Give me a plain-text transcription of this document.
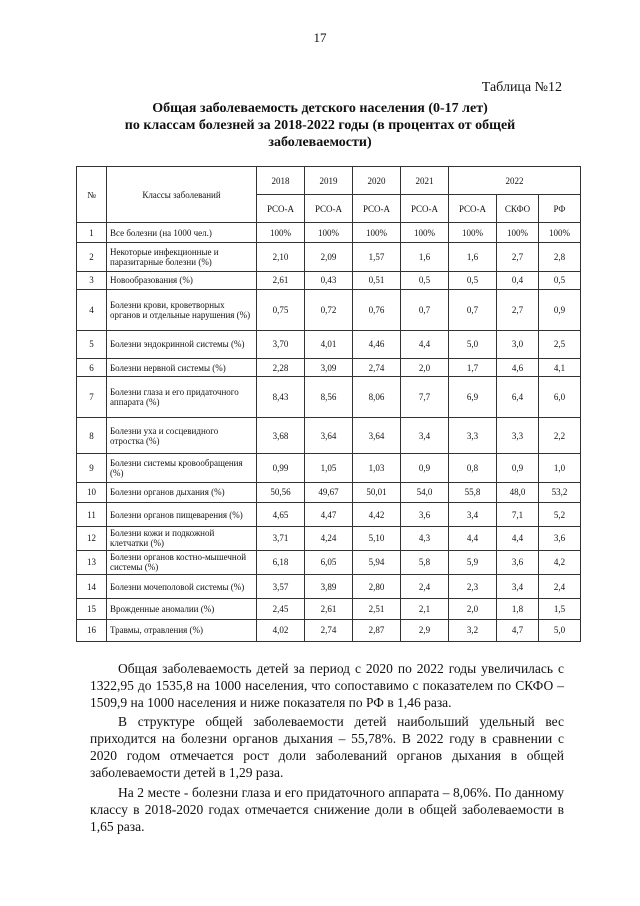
17
Таблица №12
Общая заболеваемость детского населения (0-17 лет)
по классам болезней за 2018-2022 годы (в процентах от общей
заболеваемости)
№	Классы заболеваний	2018	2019	2020	2021	2022		
		РСО-А	РСО-А	РСО-А	РСО-А	РСО-А	СКФО	РФ
1	Все болезни (на 1000 чел.)	100%	100%	100%	100%	100%	100%	100%
2	Некоторые инфекционные и паразитарные болезни (%)	2,10	2,09	1,57	1,6	1,6	2,7	2,8
3	Новообразования (%)	2,61	0,43	0,51	0,5	0,5	0,4	0,5
4	Болезни крови, кроветворных органов и отдельные нарушения (%)	0,75	0,72	0,76	0,7	0,7	2,7	0,9
5	Болезни эндокринной системы (%)	3,70	4,01	4,46	4,4	5,0	3,0	2,5
6	Болезни нервной системы (%)	2,28	3,09	2,74	2,0	1,7	4,6	4,1
7	Болезни глаза и его придаточного аппарата (%)	8,43	8,56	8,06	7,7	6,9	6,4	6,0
8	Болезни уха и сосцевидного отростка (%)	3,68	3,64	3,64	3,4	3,3	3,3	2,2
9	Болезни системы кровообращения (%)	0,99	1,05	1,03	0,9	0,8	0,9	1,0
10	Болезни органов дыхания (%)	50,56	49,67	50,01	54,0	55,8	48,0	53,2
11	Болезни органов пищеварения (%)	4,65	4,47	4,42	3,6	3,4	7,1	5,2
12	Болезни кожи и подкожной клетчатки (%)	3,71	4,24	5,10	4,3	4,4	4,4	3,6
13	Болезни органов костно-мышечной системы (%)	6,18	6,05	5,94	5,8	5,9	3,6	4,2
14	Болезни мочеполовой системы (%)	3,57	3,89	2,80	2,4	2,3	3,4	2,4
15	Врожденные аномалии (%)	2,45	2,61	2,51	2,1	2,0	1,8	1,5
16	Травмы, отравления (%)	4,02	2,74	2,87	2,9	3,2	4,7	5,0
Общая заболеваемость детей за период с 2020 по 2022 годы увеличилась с 1322,95 до 1535,8 на 1000 населения, что сопоставимо с показателем по СКФО – 1509,9 на 1000 населения и ниже показателя по РФ в 1,46 раза.
В структуре общей заболеваемости детей наибольший удельный вес приходится на болезни органов дыхания – 55,78%. В 2022 году в сравнении с 2020 годом отмечается рост доли заболеваний органов дыхания в общей заболеваемости детей в 1,29 раза.
На 2 месте - болезни глаза и его придаточного аппарата – 8,06%. По данному классу в 2018-2020 годах отмечается снижение доли в общей заболеваемости в 1,65 раза.
